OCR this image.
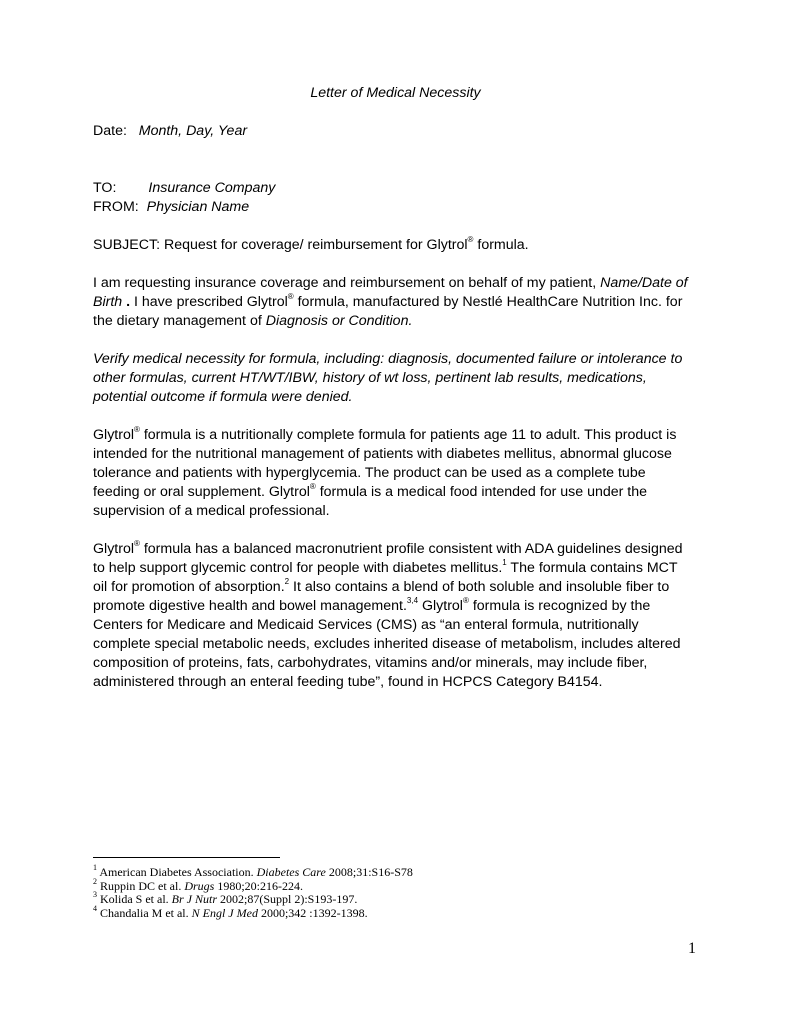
Letter of Medical Necessity
Date: Month, Day, Year
TO: Insurance Company
FROM: Physician Name
SUBJECT: Request for coverage/ reimbursement for Glytrol® formula.
I am requesting insurance coverage and reimbursement on behalf of my patient, Name/Date of
Birth . I have prescribed Glytrol® formula, manufactured by Nestlé HealthCare Nutrition Inc. for
the dietary management of Diagnosis or Condition.
Verify medical necessity for formula, including: diagnosis, documented failure or intolerance to
other formulas, current HT/WT/IBW, history of wt loss, pertinent lab results, medications,
potential outcome if formula were denied.
Glytrol® formula is a nutritionally complete formula for patients age 11 to adult. This product is
intended for the nutritional management of patients with diabetes mellitus, abnormal glucose
tolerance and patients with hyperglycemia. The product can be used as a complete tube
feeding or oral supplement. Glytrol® formula is a medical food intended for use under the
supervision of a medical professional.
Glytrol® formula has a balanced macronutrient profile consistent with ADA guidelines designed
to help support glycemic control for people with diabetes mellitus.$^1$ The formula contains MCT
oil for promotion of absorption.$^2$ It also contains a blend of both soluble and insoluble fiber to
promote digestive health and bowel management.$^{3,4}$ Glytrol® formula is recognized by the
Centers for Medicare and Medicaid Services (CMS) as “an enteral formula, nutritionally
complete special metabolic needs, excludes inherited disease of metabolism, includes altered
composition of proteins, fats, carbohydrates, vitamins and/or minerals, may include fiber,
administered through an enteral feeding tube”, found in HCPCS Category B4154.
$^1$ American Diabetes Association. Diabetes Care 2008;31:S16-S78
$^2$ Ruppin DC et al. Drugs 1980;20:216-224.
$^3$ Kolida S et al. Br J Nutr 2002;87(Suppl 2):S193-197.
$^4$ Chandalia M et al. N Engl J Med 2000;342 :1392-1398.
1
